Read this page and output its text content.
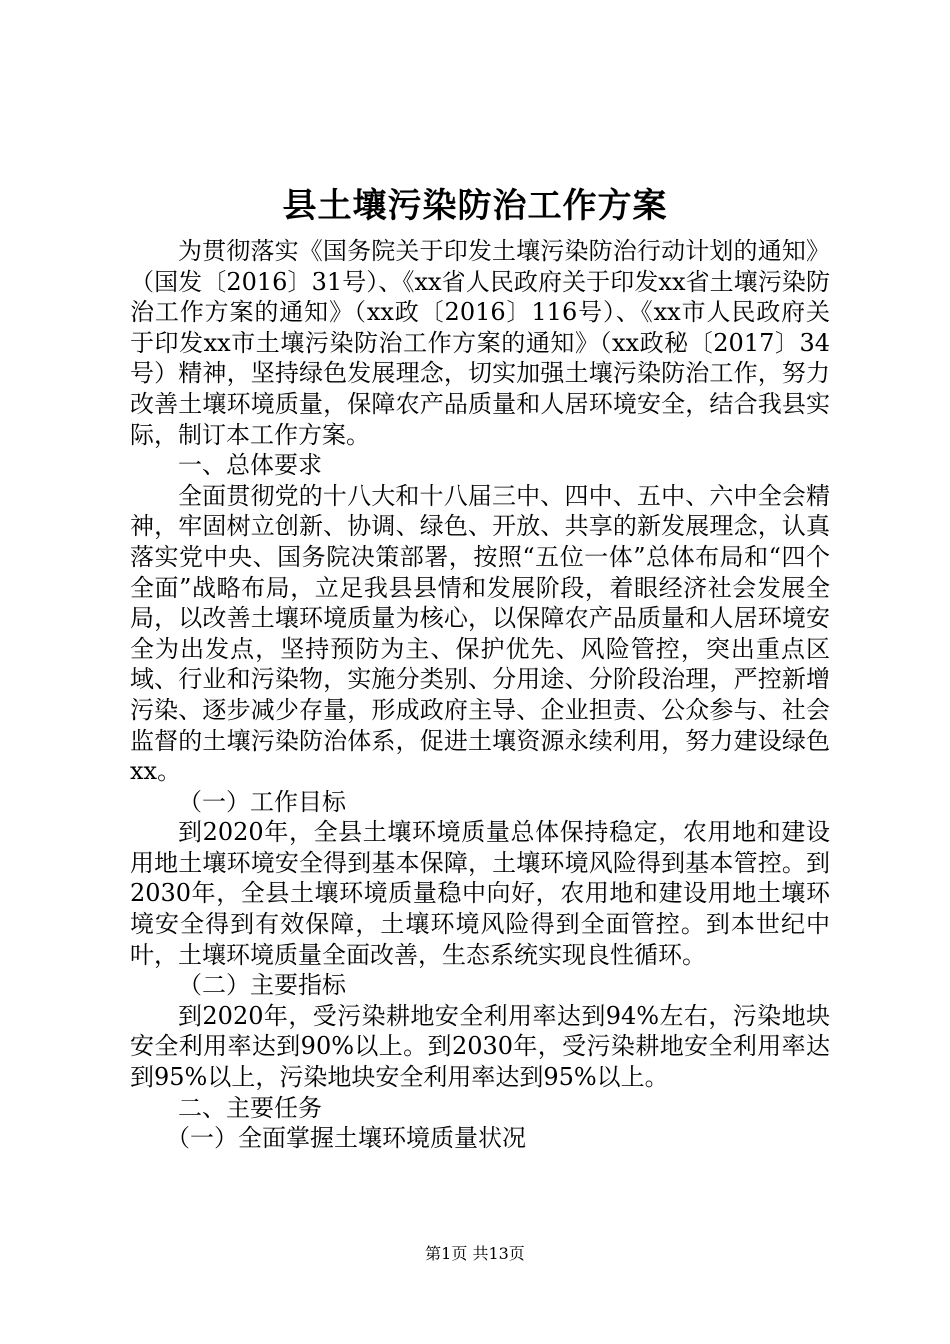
县土壤污染防治工作方案

为贯彻落实《国务院关于印发土壤污染防治行动计划的通知》（国发〔2016〕31号）、《xx省人民政府关于印发xx省土壤污染防治工作方案的通知》（xx政〔2016〕116号）、《xx市人民政府关于印发xx市土壤污染防治工作方案的通知》（xx政秘〔2017〕34号）精神，坚持绿色发展理念，切实加强土壤污染防治工作，努力改善土壤环境质量，保障农产品质量和人居环境安全，结合我县实际，制订本工作方案。

一、总体要求

全面贯彻党的十八大和十八届三中、四中、五中、六中全会精神，牢固树立创新、协调、绿色、开放、共享的新发展理念，认真落实党中央、国务院决策部署，按照“五位一体”总体布局和“四个全面”战略布局，立足我县县情和发展阶段，着眼经济社会发展全局，以改善土壤环境质量为核心，以保障农产品质量和人居环境安全为出发点，坚持预防为主、保护优先、风险管控，突出重点区域、行业和污染物，实施分类别、分用途、分阶段治理，严控新增污染、逐步减少存量，形成政府主导、企业担责、公众参与、社会监督的土壤污染防治体系，促进土壤资源永续利用，努力建设绿色xx。

（一）工作目标

到2020年，全县土壤环境质量总体保持稳定，农用地和建设用地土壤环境安全得到基本保障，土壤环境风险得到基本管控。到2030年，全县土壤环境质量稳中向好，农用地和建设用地土壤环境安全得到有效保障，土壤环境风险得到全面管控。到本世纪中叶，土壤环境质量全面改善，生态系统实现良性循环。

（二）主要指标

到2020年，受污染耕地安全利用率达到94%左右，污染地块安全利用率达到90%以上。到2030年，受污染耕地安全利用率达到95%以上，污染地块安全利用率达到95%以上。

二、主要任务

（一）全面掌握土壤环境质量状况

第1页 共13页
